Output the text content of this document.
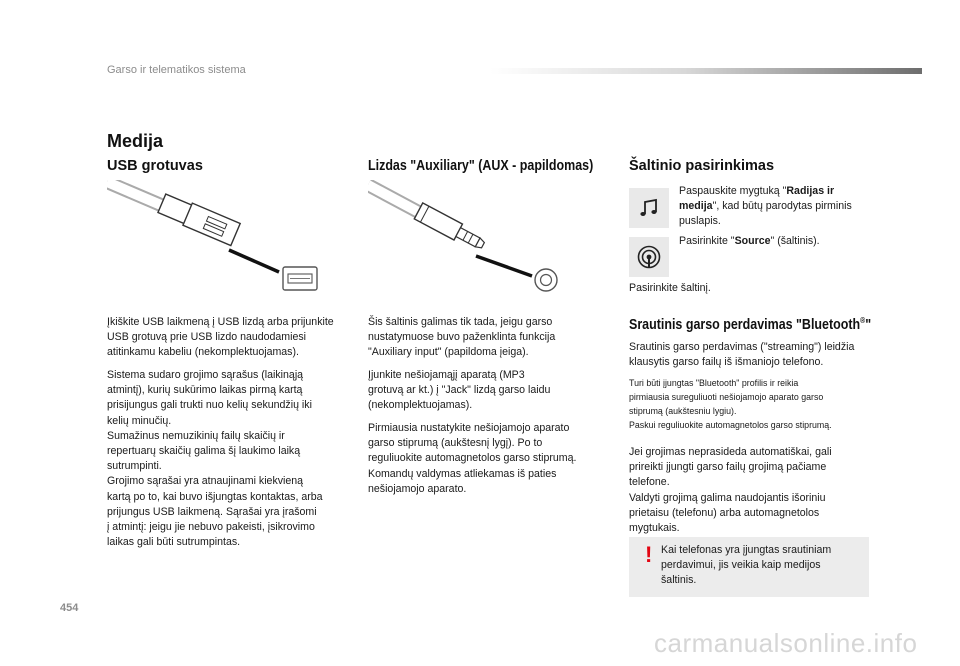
Garso ir telematikos sistema
Medija
USB grotuvas

Įkiškite USB laikmeną į USB lizdą arba prijunkite
USB grotuvą prie USB lizdo naudodamiesi
atitinkamu kabeliu (nekomplektuojamas).

Sistema sudaro grojimo sąrašus (laikinąją
atmintį), kurių sukūrimo laikas pirmą kartą
prisijungus gali trukti nuo kelių sekundžių iki
kelių minučių.
Sumažinus nemuzikinių failų skaičių ir
repertuarų skaičių galima šį laukimo laiką
sutrumpinti.
Grojimo sąrašai yra atnaujinami kiekvieną
kartą po to, kai buvo išjungtas kontaktas, arba
prijungus USB laikmeną. Sąrašai yra įrašomi
į atmintį: jeigu jie nebuvo pakeisti, įsikrovimo
laikas gali būti sutrumpintas.

Lizdas "Auxiliary" (AUX - papildomas)

Šis šaltinis galimas tik tada, jeigu garso
nustatymuose buvo paženklinta funkcija
"Auxiliary input" (papildoma įeiga).

Įjunkite nešiojamąjį aparatą (MP3
grotuvą ar kt.) į "Jack" lizdą garso laidu
(nekomplektuojamas).

Pirmiausia nustatykite nešiojamojo aparato
garso stiprumą (aukštesnį lygį). Po to
reguliuokite automagnetolos garso stiprumą.
Komandų valdymas atliekamas iš paties
nešiojamojo aparato.

Šaltinio pasirinkimas

Paspauskite mygtuką "Radijas ir medija", kad būtų parodytas pirminis puslapis.

Pasirinkite "Source" (šaltinis).

Pasirinkite šaltinį.

Srautinis garso perdavimas "Bluetooth®"

Srautinis garso perdavimas ("streaming") leidžia
klausytis garso failų iš išmaniojo telefono.

Turi būti įjungtas "Bluetooth" profilis ir reikia
pirmiausia sureguliuoti nešiojamojo aparato garso
stiprumą (aukštesniu lygiu).
Paskui reguliuokite automagnetolos garso stiprumą.

Jei grojimas neprasideda automatiškai, gali
prireikti įjungti garso failų grojimą pačiame
telefone.
Valdyti grojimą galima naudojantis išoriniu
prietaisu (telefonu) arba automagnetolos
mygtukais.

! Kai telefonas yra įjungtas srautiniam
perdavimui, jis veikia kaip medijos
šaltinis.

454
carmanualsonline.info
